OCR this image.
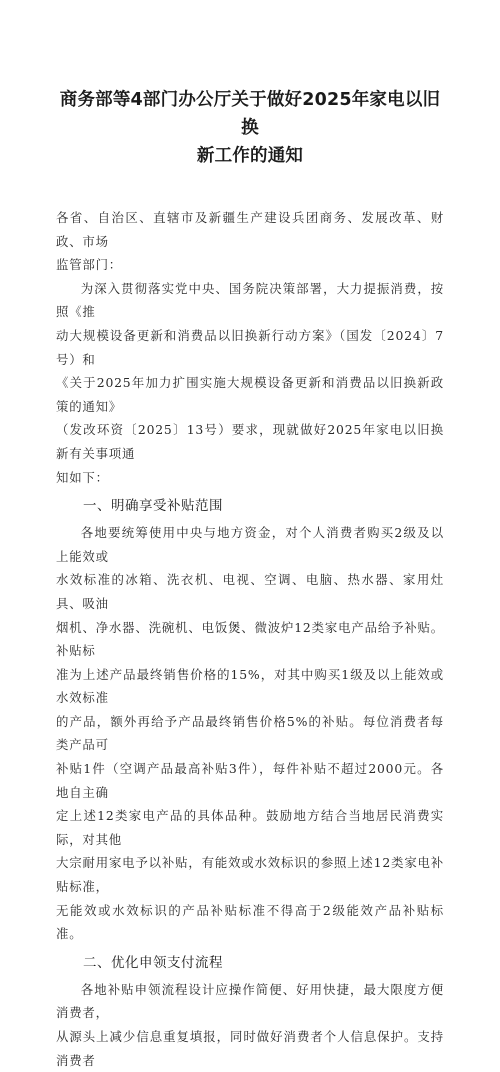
商务部等4部门办公厅关于做好2025年家电以旧换
新工作的通知
各省、自治区、直辖市及新疆生产建设兵团商务、发展改革、财政、市场
监管部门：
为深入贯彻落实党中央、国务院决策部署，大力提振消费，按照《推
动大规模设备更新和消费品以旧换新行动方案》（国发〔2024〕7号）和
《关于2025年加力扩围实施大规模设备更新和消费品以旧换新政策的通知》
（发改环资〔2025〕13号）要求，现就做好2025年家电以旧换新有关事项通
知如下：
一、明确享受补贴范围
各地要统筹使用中央与地方资金，对个人消费者购买2级及以上能效或
水效标准的冰箱、洗衣机、电视、空调、电脑、热水器、家用灶具、吸油
烟机、净水器、洗碗机、电饭煲、微波炉12类家电产品给予补贴。补贴标
准为上述产品最终销售价格的15%，对其中购买1级及以上能效或水效标准
的产品，额外再给予产品最终销售价格5%的补贴。每位消费者每类产品可
补贴1件（空调产品最高补贴3件），每件补贴不超过2000元。各地自主确
定上述12类家电产品的具体品种。鼓励地方结合当地居民消费实际，对其他
大宗耐用家电予以补贴，有能效或水效标识的参照上述12类家电补贴标准，
无能效或水效标识的产品补贴标准不得高于2级能效产品补贴标准。
二、优化申领支付流程
各地补贴申领流程设计应操作简便、好用快捷，最大限度方便消费者，
从源头上减少信息重复填报，同时做好消费者个人信息保护。支持消费者
